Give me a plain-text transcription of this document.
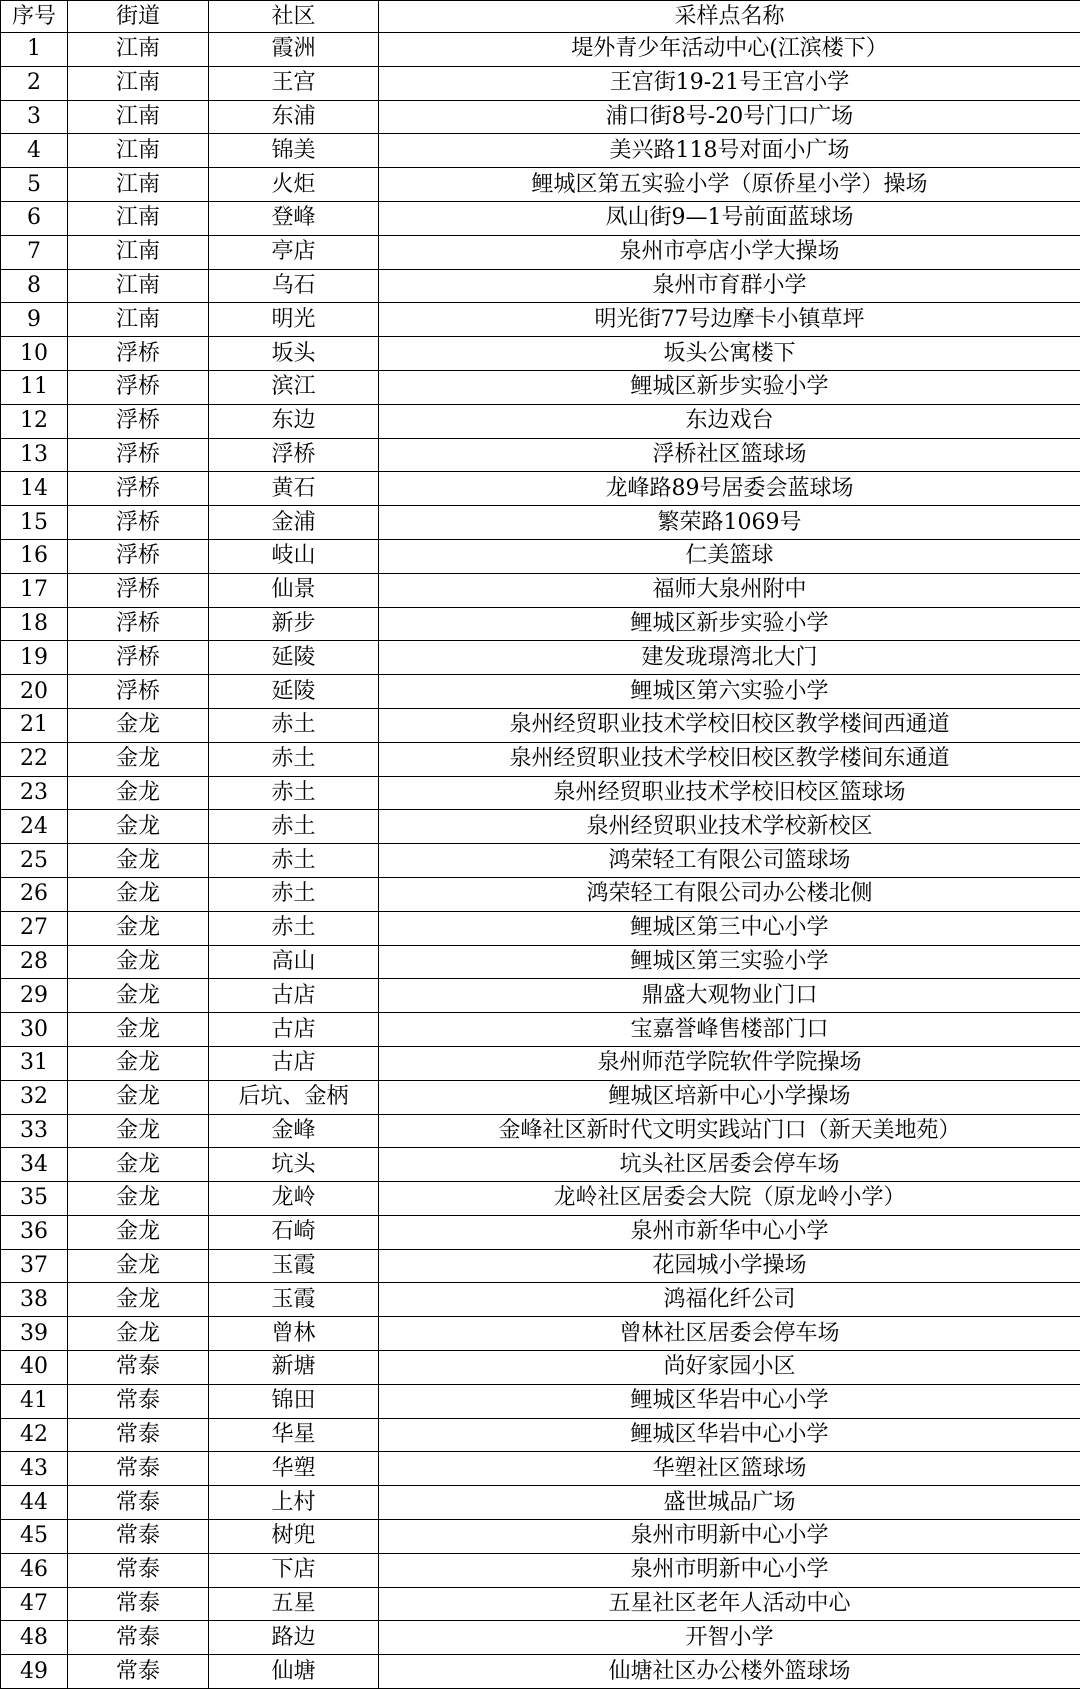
序号	街道	社区	采样点名称
1	江南	霞洲	堤外青少年活动中心(江滨楼下）
2	江南	王宫	王宫街19-21号王宫小学
3	江南	东浦	浦口街8号-20号门口广场
4	江南	锦美	美兴路118号对面小广场
5	江南	火炬	鲤城区第五实验小学（原侨星小学）操场
6	江南	登峰	凤山街9—1号前面蓝球场
7	江南	亭店	泉州市亭店小学大操场
8	江南	乌石	泉州市育群小学
9	江南	明光	明光街77号边摩卡小镇草坪
10	浮桥	坂头	坂头公寓楼下
11	浮桥	滨江	鲤城区新步实验小学
12	浮桥	东边	东边戏台
13	浮桥	浮桥	浮桥社区篮球场
14	浮桥	黄石	龙峰路89号居委会蓝球场
15	浮桥	金浦	繁荣路1069号
16	浮桥	岐山	仁美篮球
17	浮桥	仙景	福师大泉州附中
18	浮桥	新步	鲤城区新步实验小学
19	浮桥	延陵	建发珑璟湾北大门
20	浮桥	延陵	鲤城区第六实验小学
21	金龙	赤土	泉州经贸职业技术学校旧校区教学楼间西通道
22	金龙	赤土	泉州经贸职业技术学校旧校区教学楼间东通道
23	金龙	赤土	泉州经贸职业技术学校旧校区篮球场
24	金龙	赤土	泉州经贸职业技术学校新校区
25	金龙	赤土	鸿荣轻工有限公司篮球场
26	金龙	赤土	鸿荣轻工有限公司办公楼北侧
27	金龙	赤土	鲤城区第三中心小学
28	金龙	高山	鲤城区第三实验小学
29	金龙	古店	鼎盛大观物业门口
30	金龙	古店	宝嘉誉峰售楼部门口
31	金龙	古店	泉州师范学院软件学院操场
32	金龙	后坑、金柄	鲤城区培新中心小学操场
33	金龙	金峰	金峰社区新时代文明实践站门口（新天美地苑）
34	金龙	坑头	坑头社区居委会停车场
35	金龙	龙岭	龙岭社区居委会大院（原龙岭小学）
36	金龙	石崎	泉州市新华中心小学
37	金龙	玉霞	花园城小学操场
38	金龙	玉霞	鸿福化纤公司
39	金龙	曾林	曾林社区居委会停车场
40	常泰	新塘	尚好家园小区
41	常泰	锦田	鲤城区华岩中心小学
42	常泰	华星	鲤城区华岩中心小学
43	常泰	华塑	华塑社区篮球场
44	常泰	上村	盛世城品广场
45	常泰	树兜	泉州市明新中心小学
46	常泰	下店	泉州市明新中心小学
47	常泰	五星	五星社区老年人活动中心
48	常泰	路边	开智小学
49	常泰	仙塘	仙塘社区办公楼外篮球场
